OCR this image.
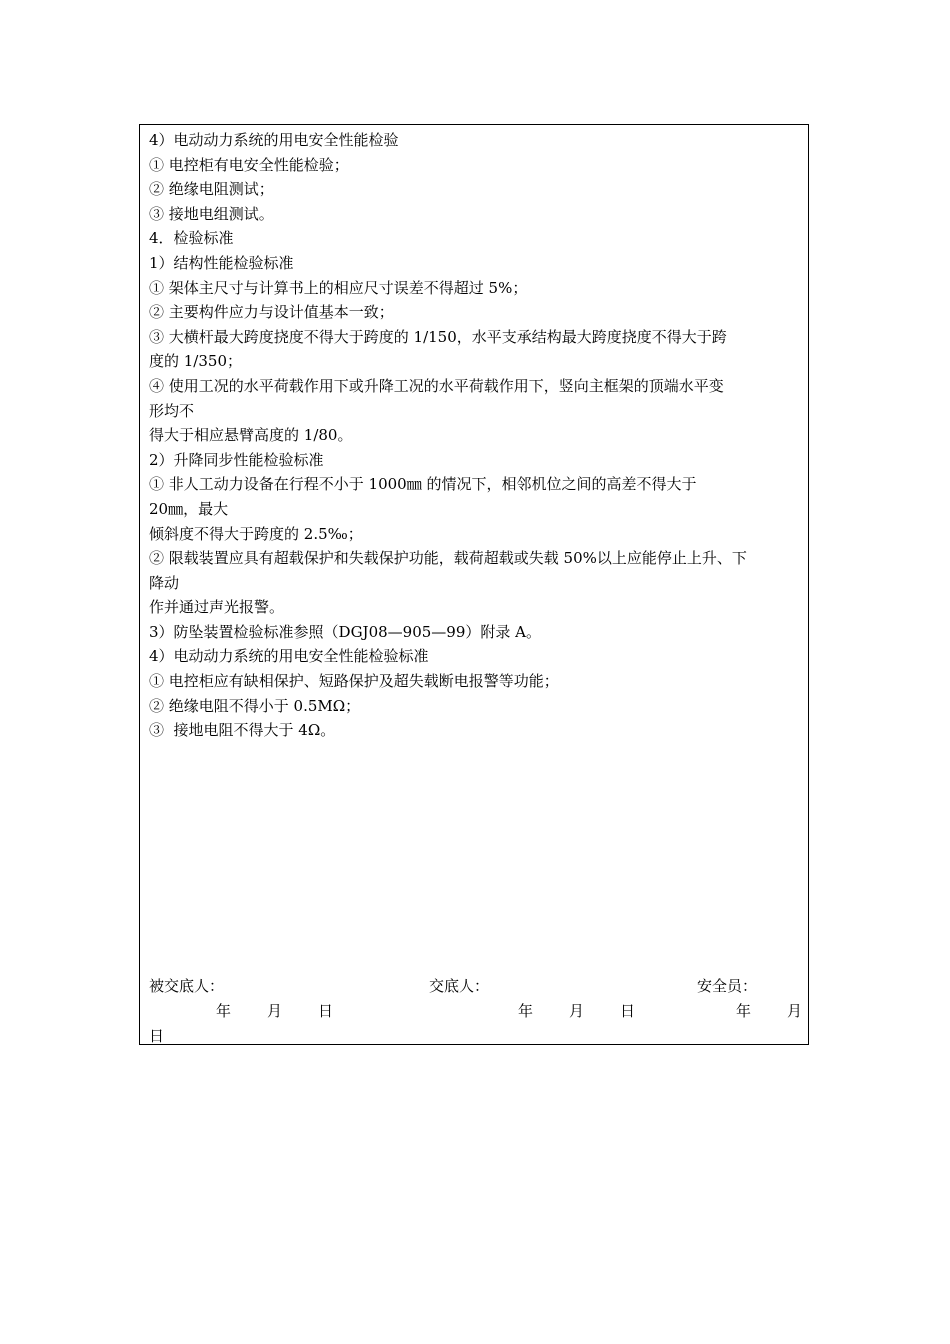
4）电动动力系统的用电安全性能检验
① 电控柜有电安全性能检验；
② 绝缘电阻测试；
③ 接地电组测试。
4．检验标准
1）结构性能检验标准
① 架体主尺寸与计算书上的相应尺寸误差不得超过 5%；
② 主要构件应力与设计值基本一致；
③ 大横杆最大跨度挠度不得大于跨度的 1/150，水平支承结构最大跨度挠度不得大于跨
度的 1/350；
④ 使用工况的水平荷载作用下或升降工况的水平荷载作用下，竖向主框架的顶端水平变
形均不
得大于相应悬臂高度的 1/80。
2）升降同步性能检验标准
① 非人工动力设备在行程不小于 1000㎜ 的情况下，相邻机位之间的高差不得大于
20㎜，最大
倾斜度不得大于跨度的 2.5‰；
② 限载装置应具有超载保护和失载保护功能，载荷超载或失载 50%以上应能停止上升、下
降动
作并通过声光报警。
3）防坠装置检验标准参照（DGJ08—905—99）附录 A。
4）电动动力系统的用电安全性能检验标准
① 电控柜应有缺相保护、短路保护及超失载断电报警等功能；
② 绝缘电阻不得小于 0.5MΩ；
③  接地电阻不得大于 4Ω。
被交底人：	交底人：	安全员：
年 月 日	年 月 日	年 月
日
